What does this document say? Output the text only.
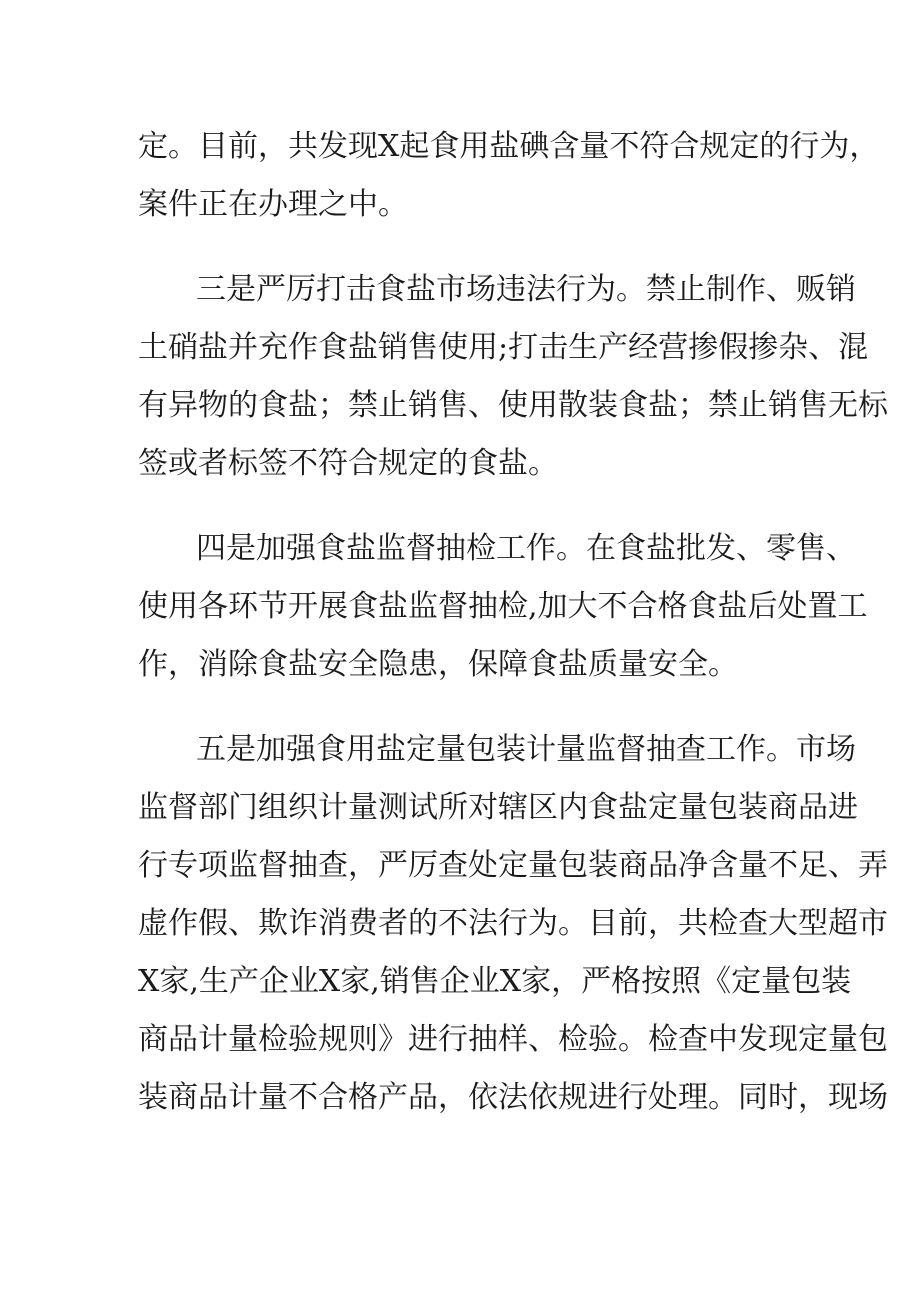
定。目前，共发现X起食用盐碘含量不符合规定的行为，

案件正在办理之中。

三是严厉打击食盐市场违法行为。禁止制作、贩销

土硝盐并充作食盐销售使用;打击生产经营掺假掺杂、混

有异物的食盐；禁止销售、使用散装食盐；禁止销售无标

签或者标签不符合规定的食盐。

四是加强食盐监督抽检工作。在食盐批发、零售、

使用各环节开展食盐监督抽检,加大不合格食盐后处置工

作，消除食盐安全隐患，保障食盐质量安全。

五是加强食用盐定量包装计量监督抽查工作。市场

监督部门组织计量测试所对辖区内食盐定量包装商品进

行专项监督抽查，严厉查处定量包装商品净含量不足、弄

虚作假、欺诈消费者的不法行为。目前，共检查大型超市

X家,生产企业X家,销售企业X家，严格按照《定量包装

商品计量检验规则》进行抽样、检验。检查中发现定量包

装商品计量不合格产品，依法依规进行处理。同时，现场
